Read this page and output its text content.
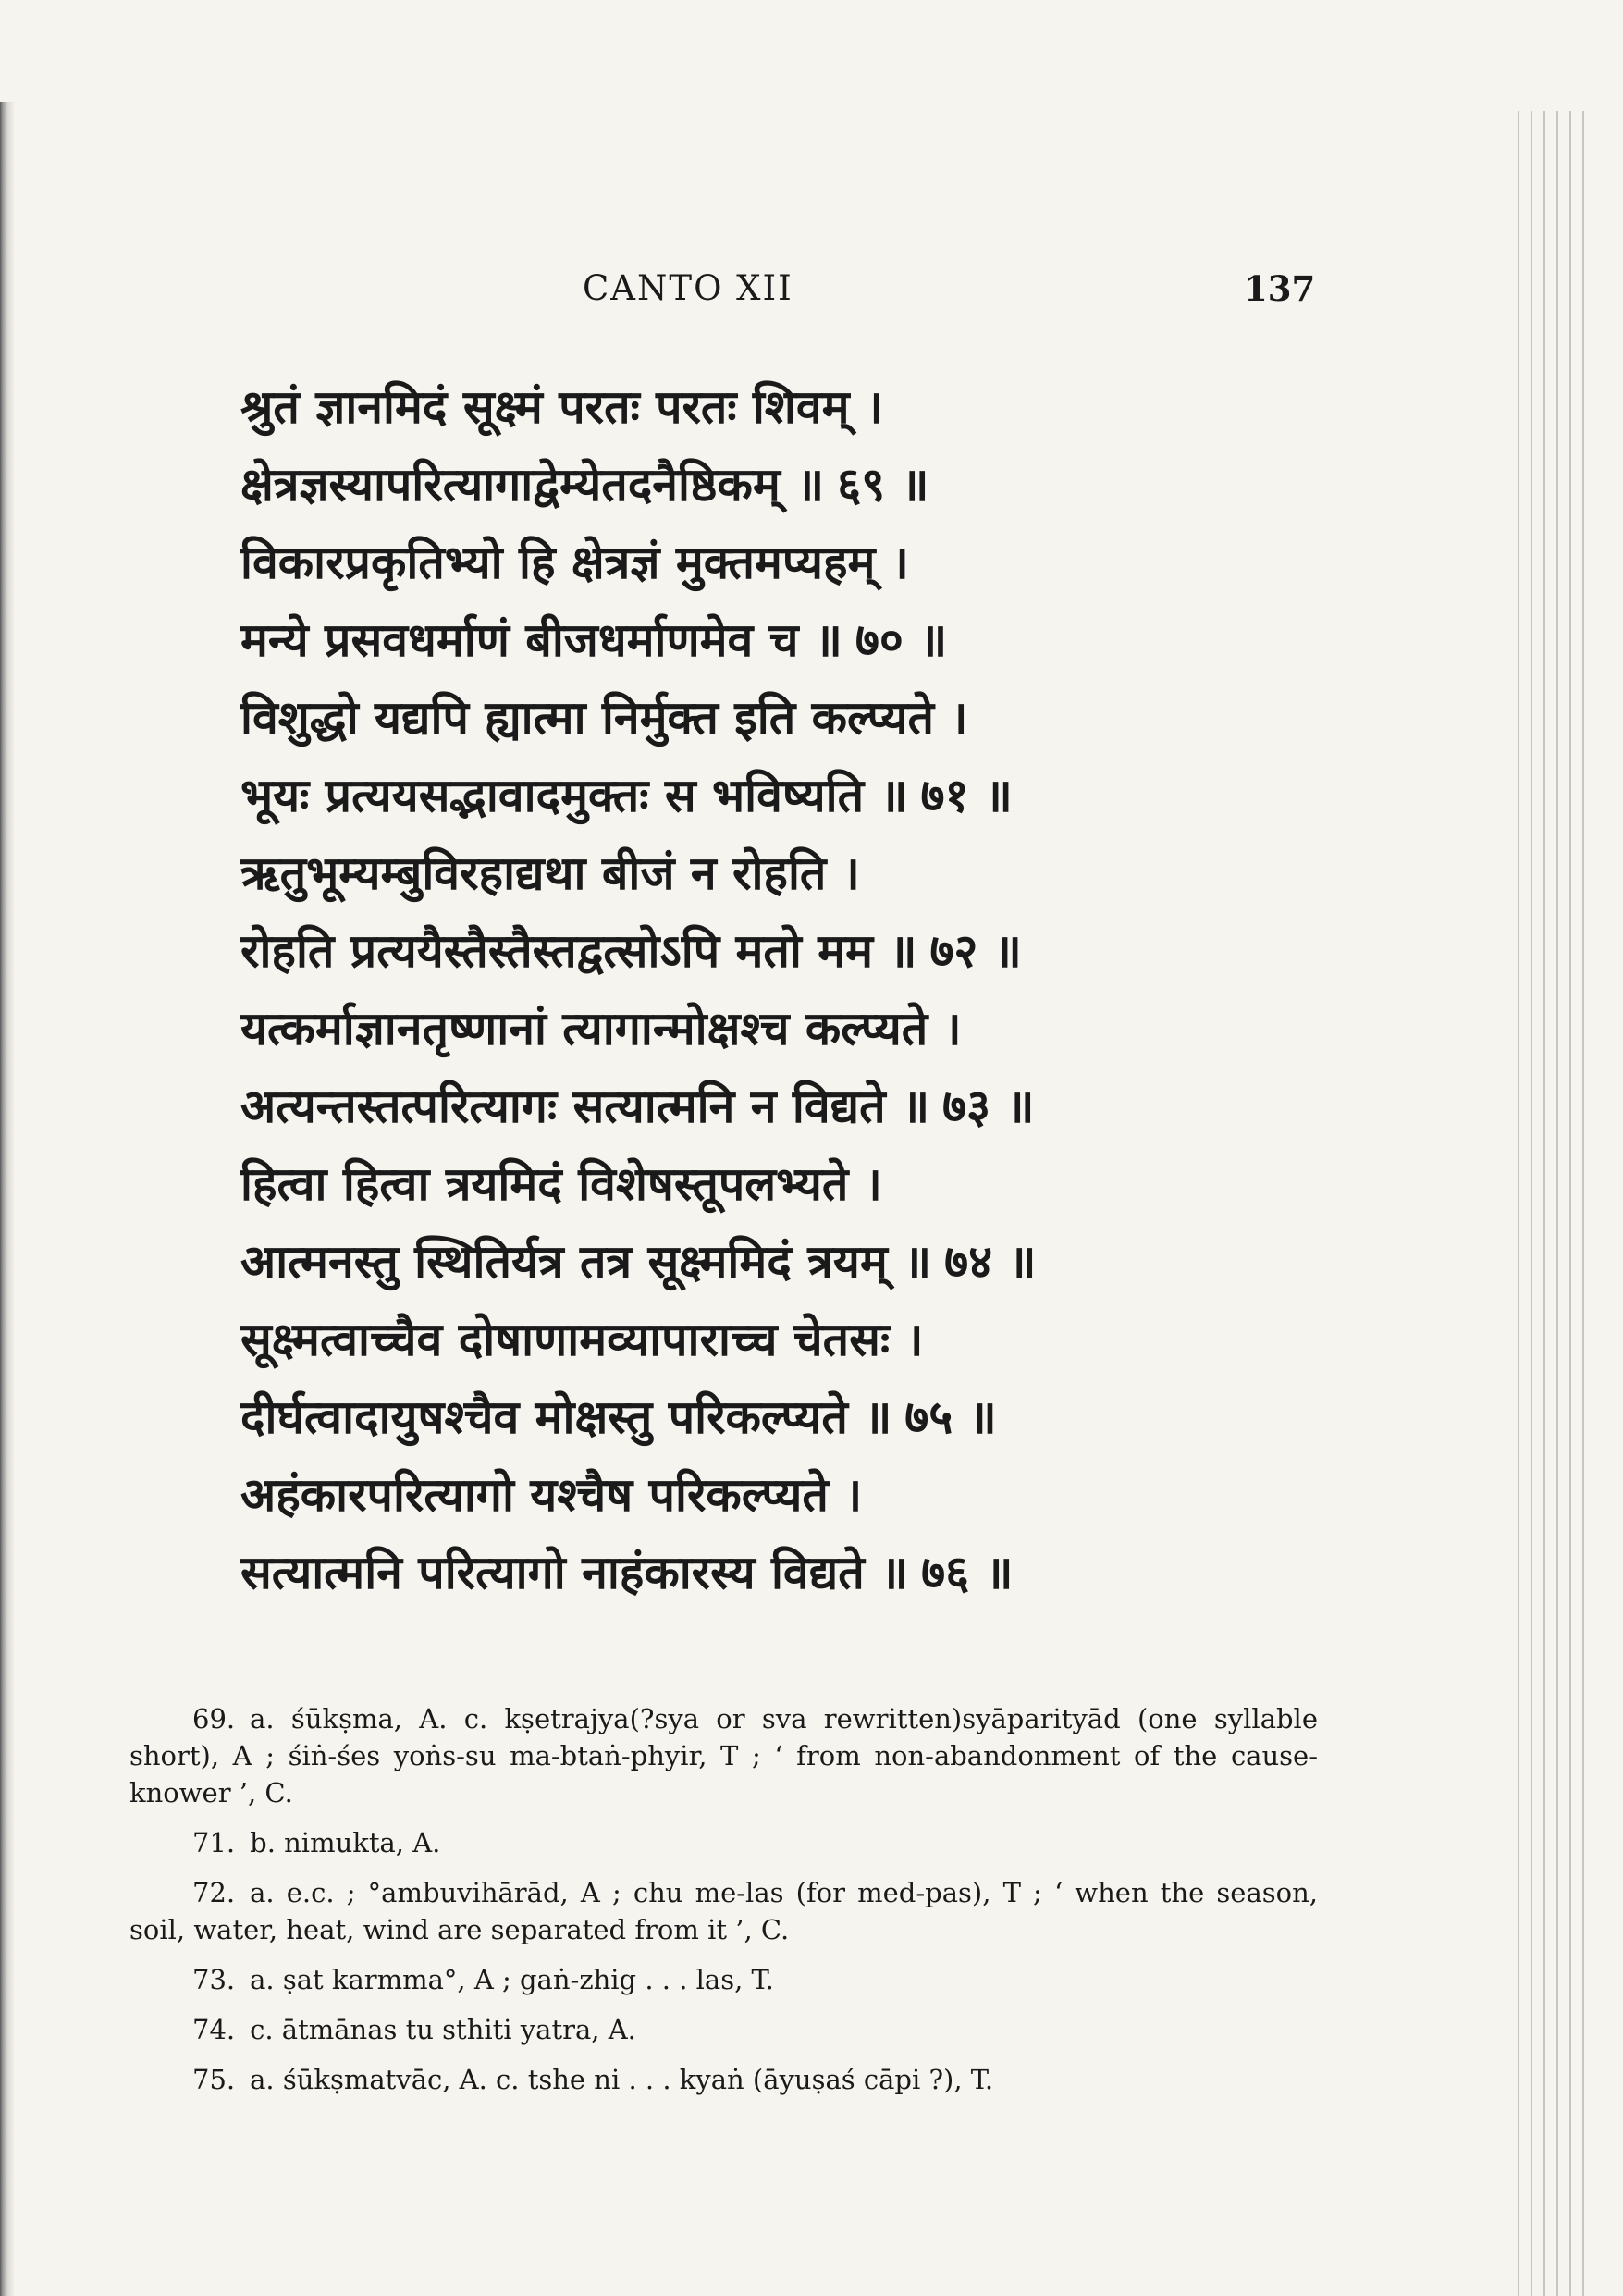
CANTO XII	137
श्रुतं ज्ञानमिदं सूक्ष्मं परतः परतः शिवम् ।
क्षेत्रज्ञस्यापरित्यागाद्वेम्येतदनैष्ठिकम् ॥ ६९ ॥
विकारप्रकृतिभ्यो हि क्षेत्रज्ञं मुक्तमप्यहम् ।
मन्ये प्रसवधर्माणं बीजधर्माणमेव च ॥ ७० ॥
विशुद्धो यद्यपि ह्यात्मा निर्मुक्त इति कल्प्यते ।
भूयः प्रत्ययसद्भावादमुक्तः स भविष्यति ॥ ७१ ॥
ऋतुभूम्यम्बुविरहाद्यथा बीजं न रोहति ।
रोहति प्रत्ययैस्तैस्तैस्तद्वत्सोऽपि मतो मम ॥ ७२ ॥
यत्कर्माज्ञानतृष्णानां त्यागान्मोक्षश्च कल्प्यते ।
अत्यन्तस्तत्परित्यागः सत्यात्मनि न विद्यते ॥ ७३ ॥
हित्वा हित्वा त्रयमिदं विशेषस्तूपलभ्यते ।
आत्मनस्तु स्थितिर्यत्र तत्र सूक्ष्ममिदं त्रयम् ॥ ७४ ॥
सूक्ष्मत्वाच्चैव दोषाणामव्यापाराच्च चेतसः ।
दीर्घत्वादायुषश्चैव मोक्षस्तु परिकल्प्यते ॥ ७५ ॥
अहंकारपरित्यागो यश्चैष परिकल्प्यते ।
सत्यात्मनि परित्यागो नाहंकारस्य विद्यते ॥ ७६ ॥

69. a. śūkṣma, A. c. kṣetrajya(?sya or sva rewritten)syāparityād (one syllable short), A ; śiṅ-śes yoṅs-su ma-btaṅ-phyir, T ; ‘ from non-abandonment of the cause-knower ’, C.

71. b. nimukta, A.

72. a. e.c. ; °ambuvihārād, A ; chu me-las (for med-pas), T ; ‘ when the season, soil, water, heat, wind are separated from it ’, C.

73. a. ṣat karmma°, A ; gaṅ-zhig . . . las, T.

74. c. ātmānas tu sthiti yatra, A.

75. a. śūkṣmatvāc, A. c. tshe ni . . . kyaṅ (āyuṣaś cāpi ?), T.
